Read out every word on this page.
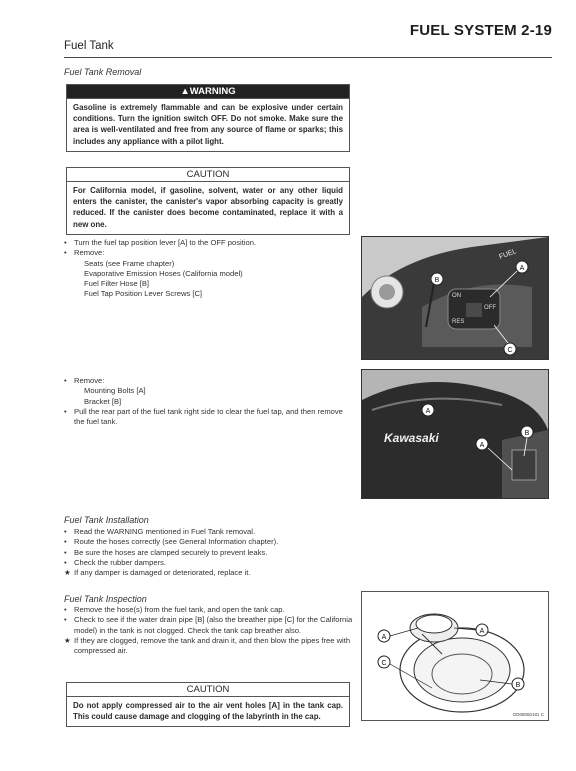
FUEL SYSTEM 2-19
Fuel Tank
Fuel Tank Removal
▲WARNING
Gasoline is extremely flammable and can be explosive under certain conditions. Turn the ignition switch OFF. Do not smoke. Make sure the area is well-ventilated and free from any source of flame or sparks; this includes any appliance with a pilot light.
CAUTION
For California model, if gasoline, solvent, water or any other liquid enters the canister, the canister's vapor absorbing capacity is greatly reduced. If the canister does become contaminated, replace it with a new one.
• Turn the fuel tap position lever [A] to the OFF position.
• Remove:
Seats (see Frame chapter)
Evaporative Emission Hoses (California model)
Fuel Filter Hose [B]
Fuel Tap Position Lever Screws [C]
FUEL
ON
RES
OFF
A
B
C
• Remove:
Mounting Bolts [A]
Bracket [B]
• Pull the rear part of the fuel tank right side to clear the fuel tap, and then remove the fuel tank.
Kawasaki
A
A
B
Fuel Tank Installation
• Read the WARNING mentioned in Fuel Tank removal.
• Route the hoses correctly (see General Information chapter).
• Be sure the hoses are clamped securely to prevent leaks.
• Check the rubber dampers.
★ If any damper is damaged or deteriorated, replace it.
Fuel Tank Inspection
• Remove the hose(s) from the fuel tank, and open the tank cap.
• Check to see if the water drain pipe [B] (also the breather pipe [C] for the California model) in the tank is not clogged. Check the tank cap breather also.
★ If they are clogged, remove the tank and drain it, and then blow the pipes free with compressed air.
CAUTION
Do not apply compressed air to the air vent holes [A] in the tank cap. This could cause damage and clogging of the labyrinth in the cap.
A
A
C
B
GD08060181 C
